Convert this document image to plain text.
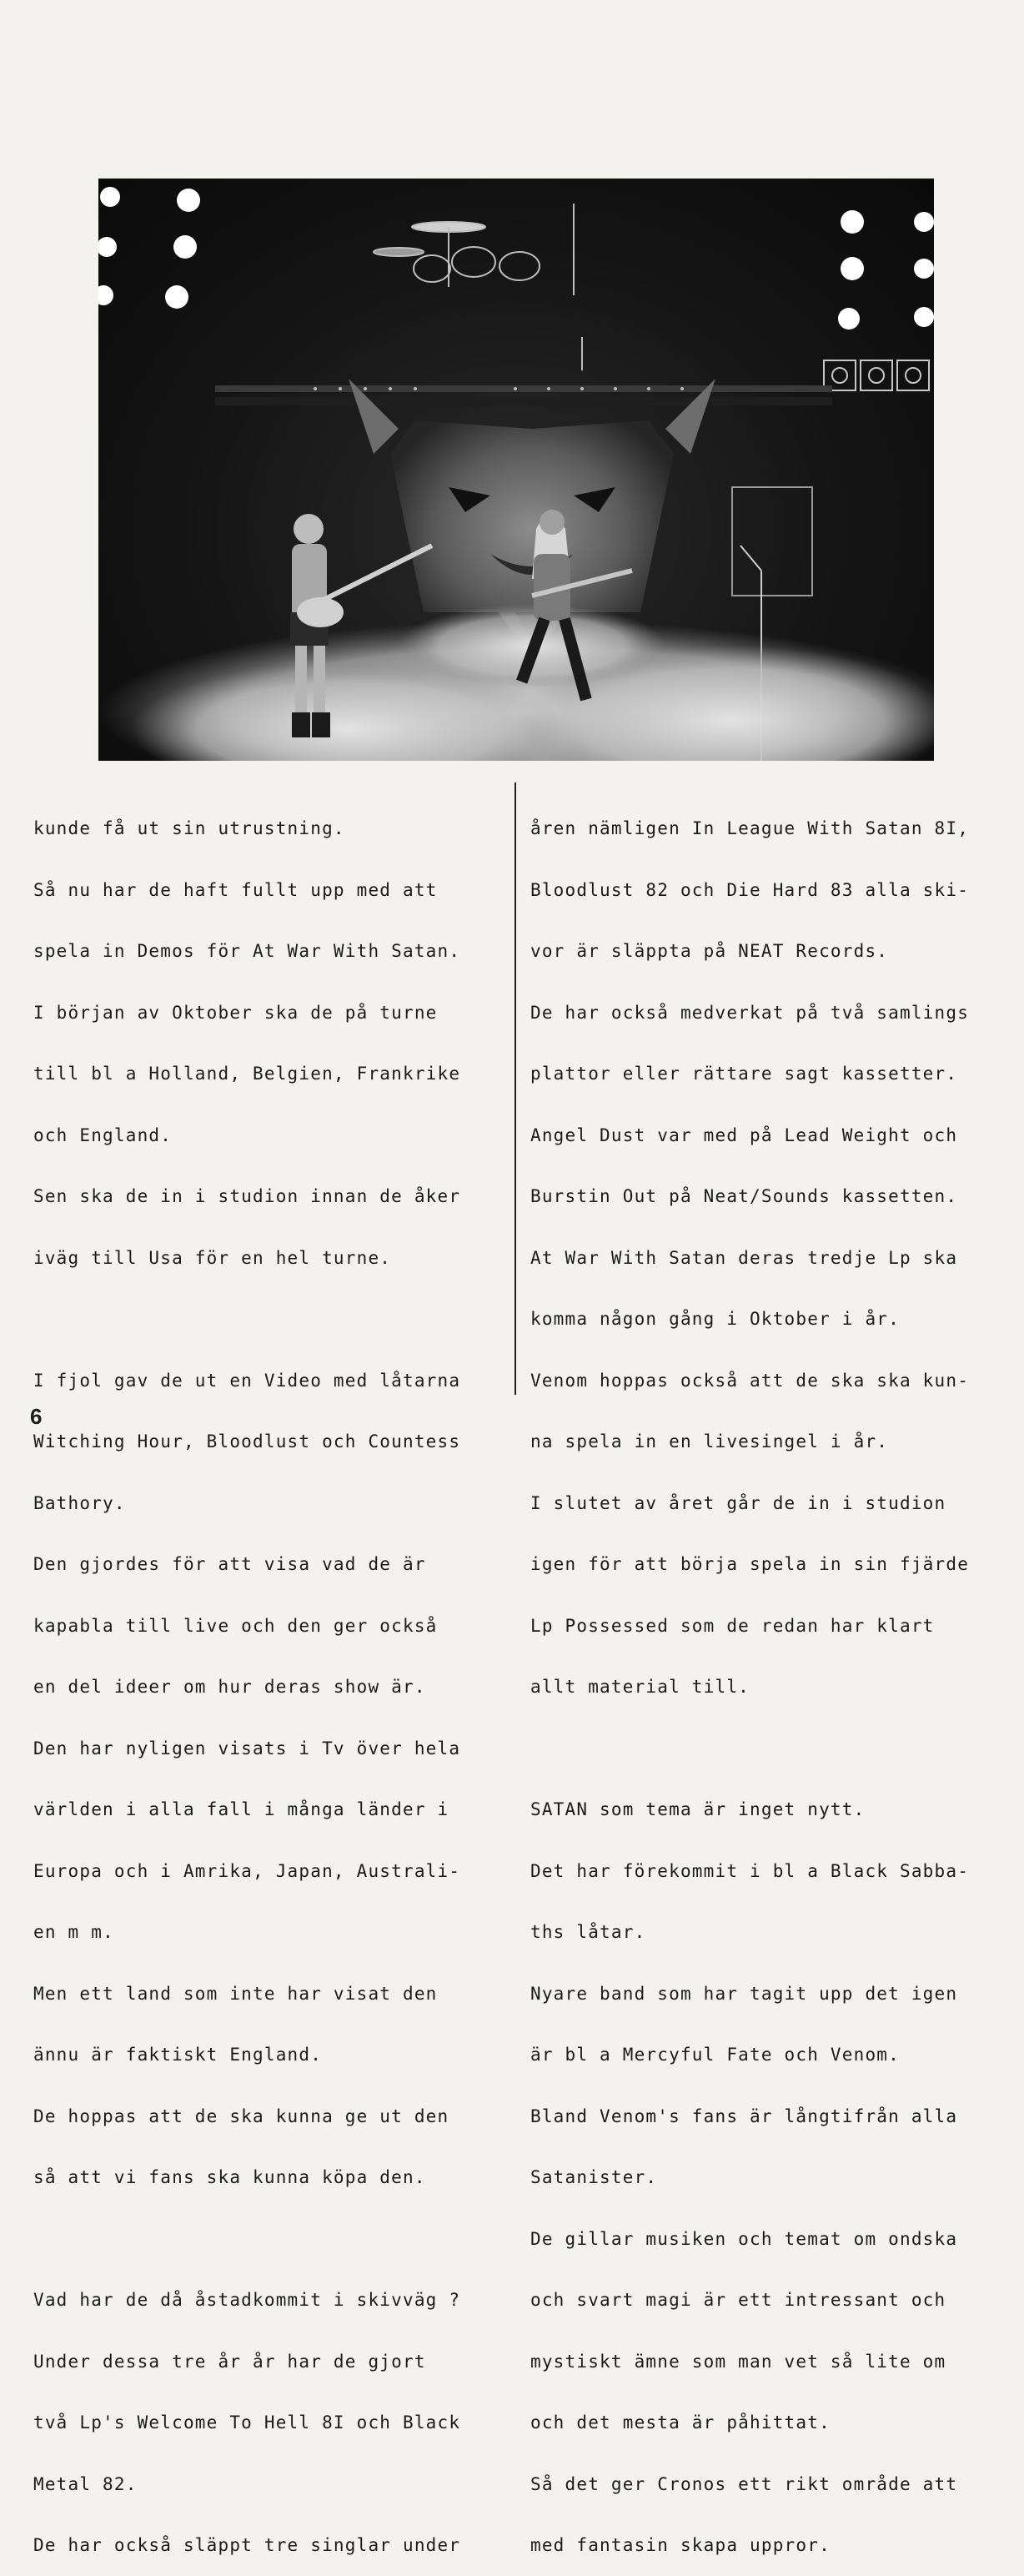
kunde få ut sin utrustning.

Så nu har de haft fullt upp med att

spela in Demos för At War With Satan.

I början av Oktober ska de på turne

till bl a Holland, Belgien, Frankrike

och England.

Sen ska de in i studion innan de åker

iväg till Usa för en hel turne.

I fjol gav de ut en Video med låtarna

Witching Hour, Bloodlust och Countess

Bathory.

Den gjordes för att visa vad de är

kapabla till live och den ger också

en del ideer om hur deras show är.

Den har nyligen visats i Tv över hela

världen i alla fall i många länder i

Europa och i Amrika, Japan, Australi-

en m m.

Men ett land som inte har visat den

ännu är faktiskt England.

De hoppas att de ska kunna ge ut den

så att vi fans ska kunna köpa den.

Vad har de då åstadkommit i skivväg ?

Under dessa tre år år har de gjort

två Lp's Welcome To Hell 8I och Black

Metal 82.

De har också släppt tre singlar under

åren nämligen In League With Satan 8I,

Bloodlust 82 och Die Hard 83 alla ski-

vor är släppta på NEAT Records.

De har också medverkat på två samlings

plattor eller rättare sagt kassetter.

Angel Dust var med på Lead Weight och

Burstin Out på Neat/Sounds kassetten.

At War With Satan deras tredje Lp ska

komma någon gång i Oktober i år.

Venom hoppas också att de ska ska kun-

na spela in en livesingel i år.

I slutet av året går de in i studion

igen för att börja spela in sin fjärde

Lp Possessed som de redan har klart

allt material till.

SATAN som tema är inget nytt.

Det har förekommit i bl a Black Sabba-

ths låtar.

Nyare band som har tagit upp det igen

är bl a Mercyful Fate och Venom.

Bland Venom's fans är långtifrån alla

Satanister.

De gillar musiken och temat om ondska

och svart magi är ett intressant och

mystiskt ämne som man vet så lite om

och det mesta är påhittat.

Så det ger Cronos ett rikt område att

med fantasin skapa uppror.

6
